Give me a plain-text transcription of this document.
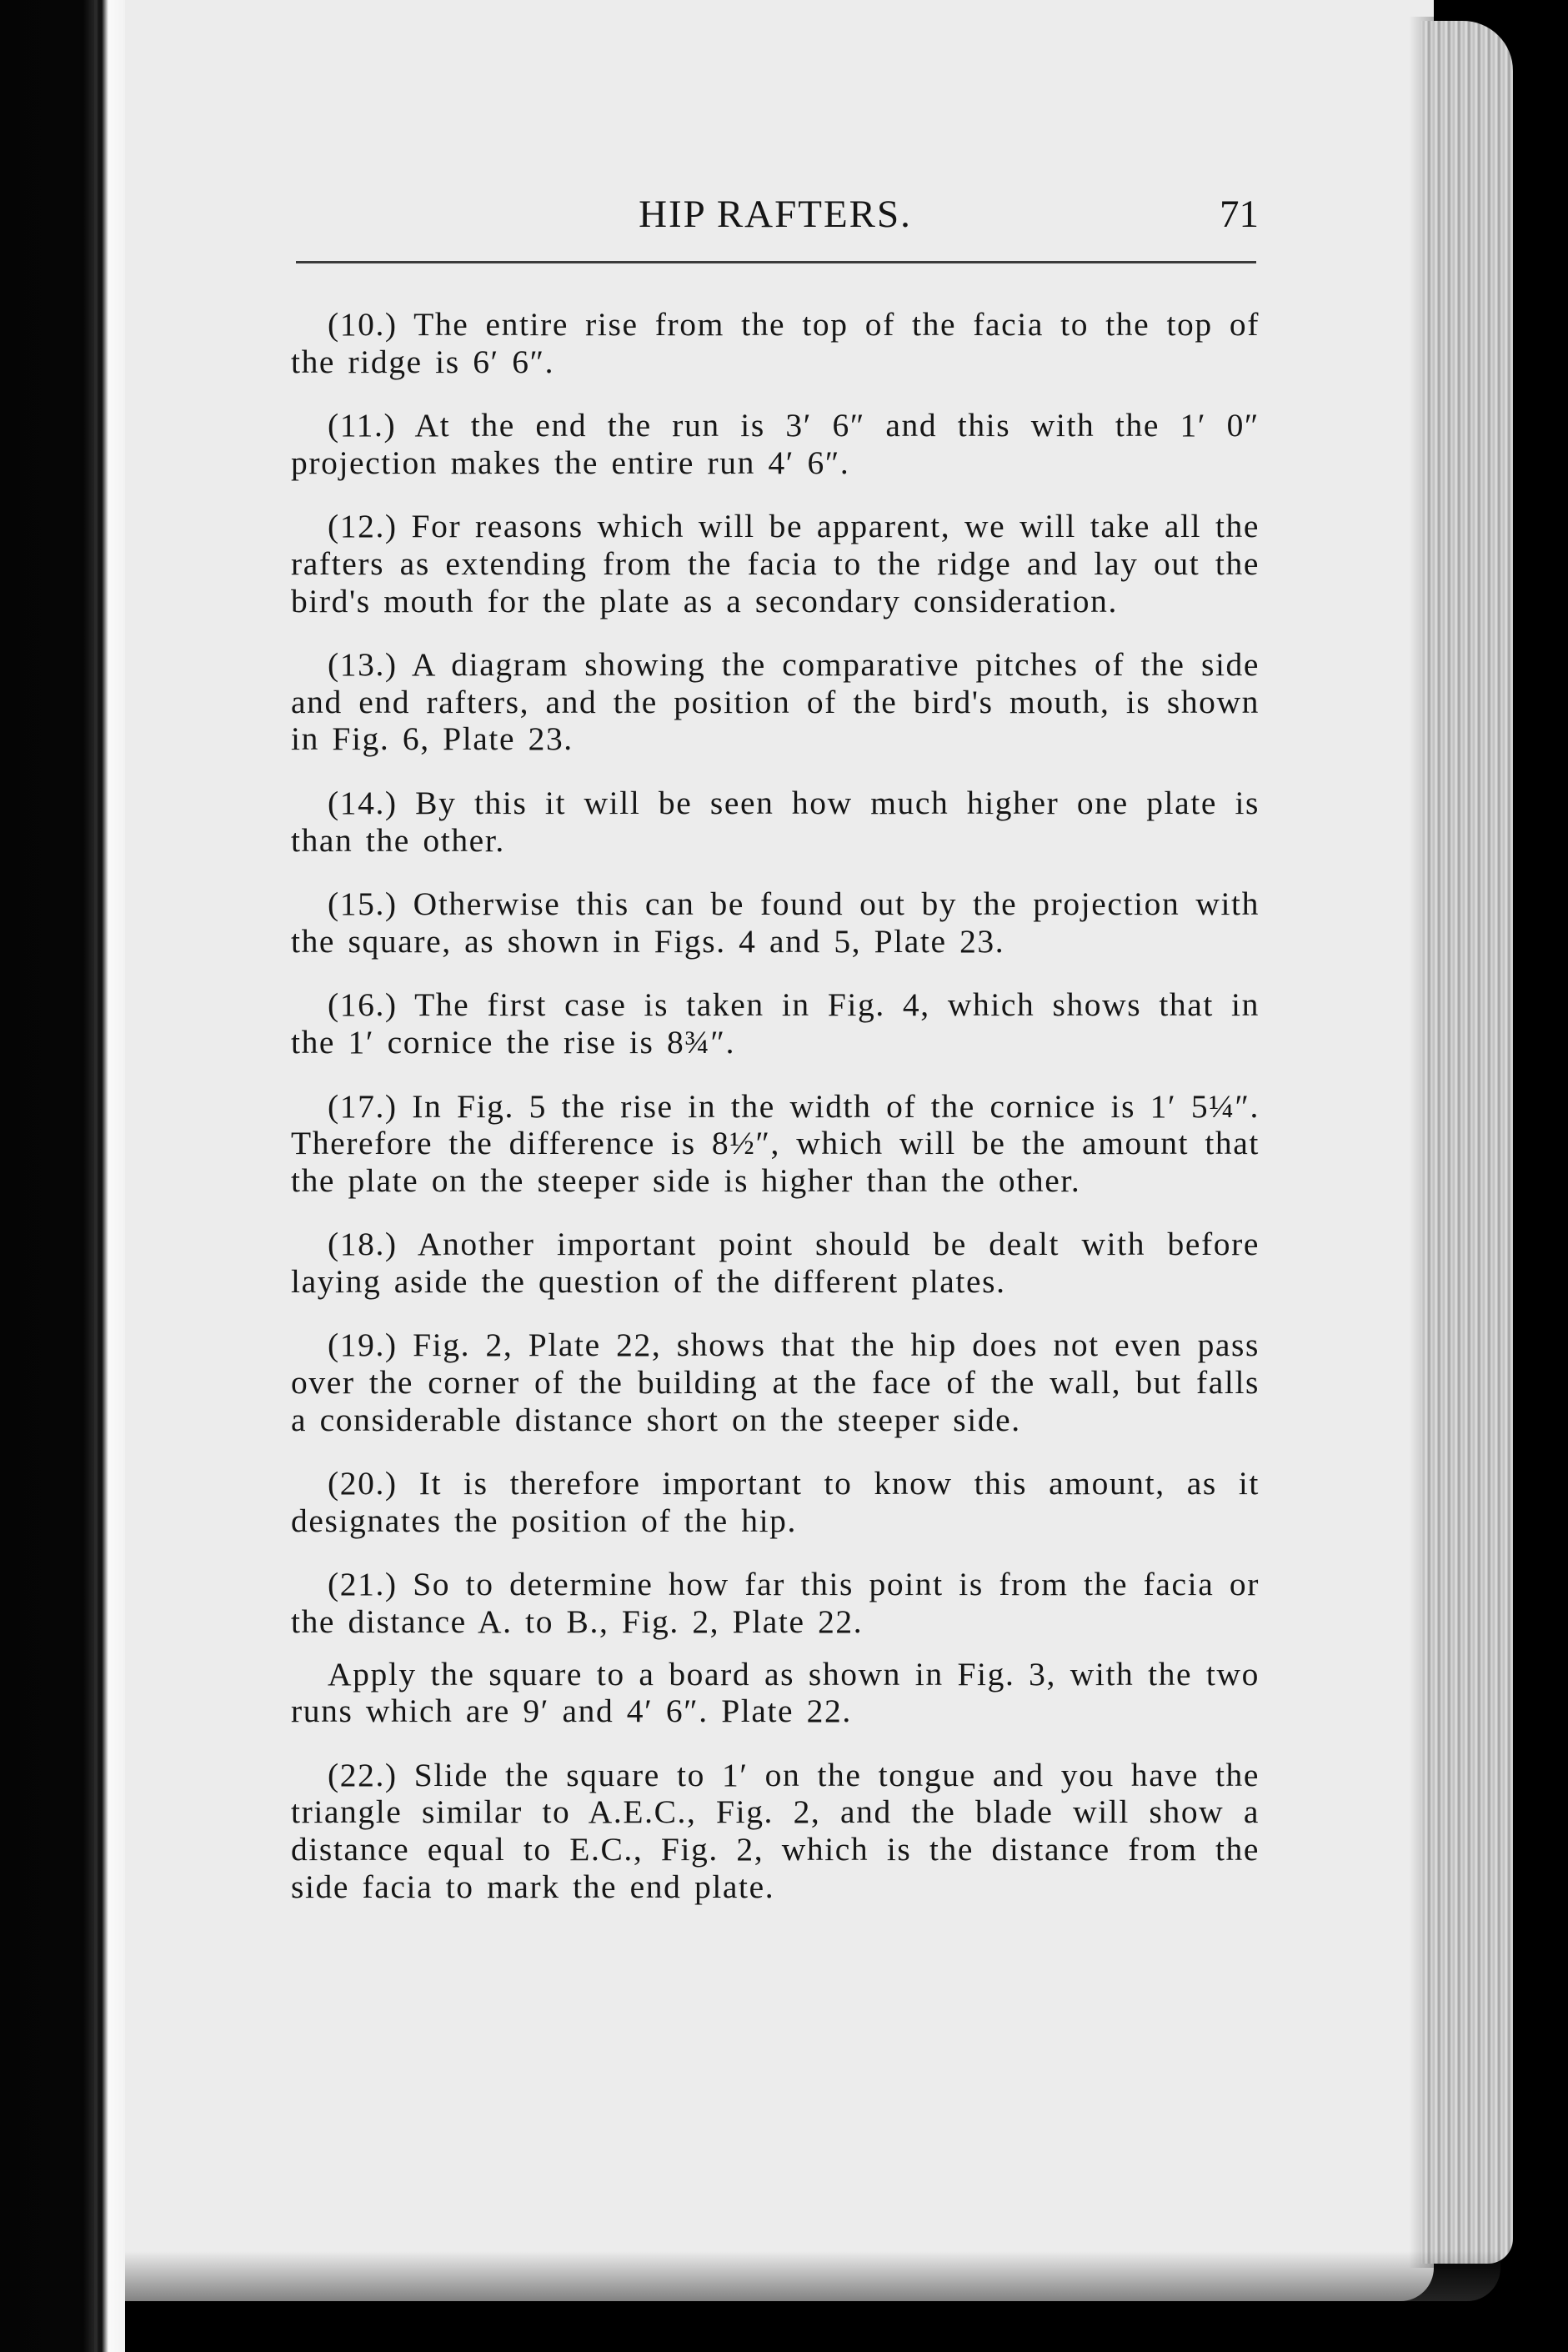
HIP RAFTERS.	71

(10.) The entire rise from the top of the facia to the top of the ridge is 6′ 6″.

(11.) At the end the run is 3′ 6″ and this with the 1′ 0″ projection makes the entire run 4′ 6″.

(12.) For reasons which will be apparent, we will take all the rafters as extending from the facia to the ridge and lay out the bird's mouth for the plate as a secondary consideration.

(13.) A diagram showing the comparative pitches of the side and end rafters, and the position of the bird's mouth, is shown in Fig. 6, Plate 23.

(14.) By this it will be seen how much higher one plate is than the other.

(15.) Otherwise this can be found out by the projection with the square, as shown in Figs. 4 and 5, Plate 23.

(16.) The first case is taken in Fig. 4, which shows that in the 1′ cornice the rise is 8¾″.

(17.) In Fig. 5 the rise in the width of the cornice is 1′ 5¼″. Therefore the difference is 8½″, which will be the amount that the plate on the steeper side is higher than the other.

(18.) Another important point should be dealt with before laying aside the question of the different plates.

(19.) Fig. 2, Plate 22, shows that the hip does not even pass over the corner of the building at the face of the wall, but falls a considerable distance short on the steeper side.

(20.) It is therefore important to know this amount, as it designates the position of the hip.

(21.) So to determine how far this point is from the facia or the distance A. to B., Fig. 2, Plate 22.

Apply the square to a board as shown in Fig. 3, with the two runs which are 9′ and 4′ 6″. Plate 22.

(22.) Slide the square to 1′ on the tongue and you have the triangle similar to A.E.C., Fig. 2, and the blade will show a distance equal to E.C., Fig. 2, which is the distance from the side facia to mark the end plate.
